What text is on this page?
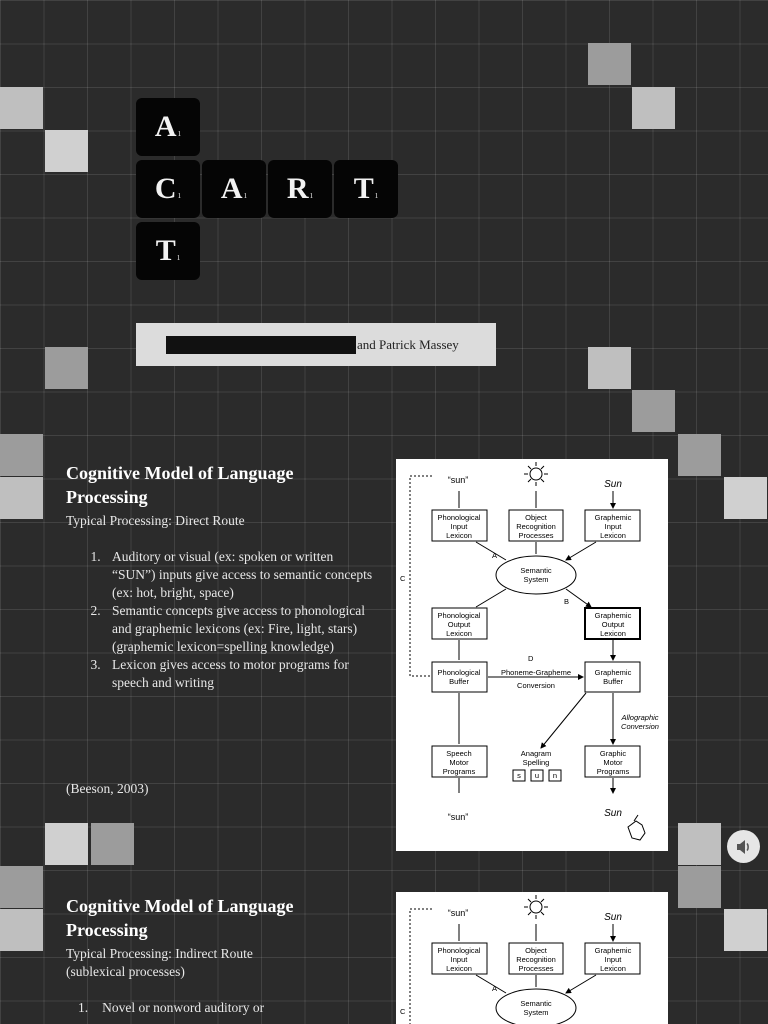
$A_1$
$C_1$ $A_1$ $R_1$ $T_1$
$T_1$
and Patrick Massey
Cognitive Model of Language Processing
Typical Processing: Direct Route
1. Auditory or visual (ex: spoken or written “SUN”) inputs give access to semantic concepts (ex: hot, bright, space)
2. Semantic concepts give access to phonological and graphemic lexicons (ex: Fire, light, stars) (graphemic lexicon=spelling knowledge)
3. Lexicon gives access to motor programs for speech and writing
(Beeson, 2003)
“sun”	Sun
Phonological
Input
Lexicon
Object
Recognition
Processes
Graphemic
Input
Lexicon
Semantic
System
Phonological
Output
Lexicon
Graphemic
Output
Lexicon
Phonological
Buffer
Phoneme-Grapheme
Conversion
Graphemic
Buffer
Allographic
Conversion
Speech
Motor
Programs
Anagram
Spelling
s u n
Graphic
Motor
Programs
“sun”	Sun
A
B
C
D
Cognitive Model of Language Processing
Typical Processing: Indirect Route
(sublexical processes)
1. Novel or nonword auditory or
“sun”	Sun
Phonological
Input
Lexicon
Object
Recognition
Processes
Graphemic
Input
Lexicon
Semantic
System
A
C
